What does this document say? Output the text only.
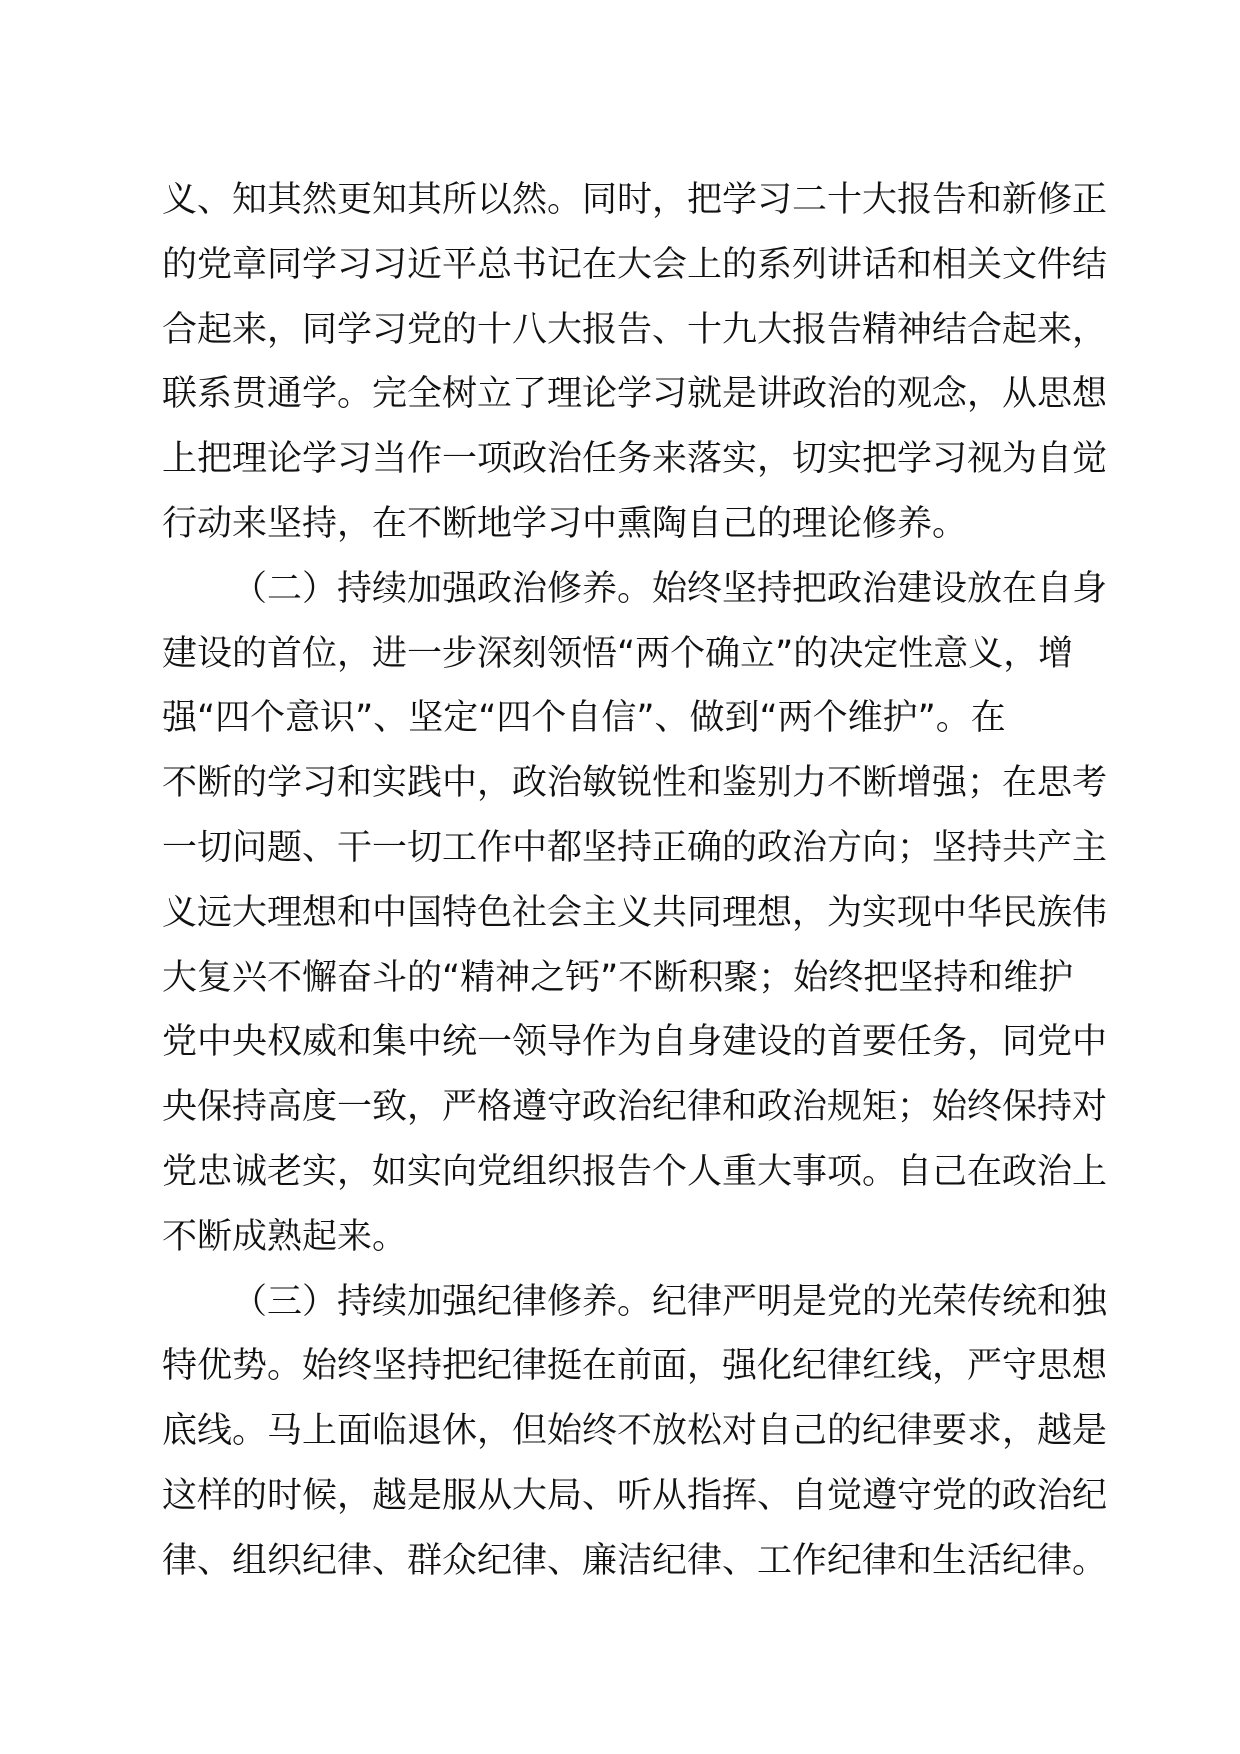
义、知其然更知其所以然。同时，把学习二十大报告和新修正
的党章同学习习近平总书记在大会上的系列讲话和相关文件结
合起来，同学习党的十八大报告、十九大报告精神结合起来，
联系贯通学。完全树立了理论学习就是讲政治的观念，从思想
上把理论学习当作一项政治任务来落实，切实把学习视为自觉
行动来坚持，在不断地学习中熏陶自己的理论修养。
（二）持续加强政治修养。始终坚持把政治建设放在自身
建设的首位，进一步深刻领悟“两个确立”的决定性意义，增
强“四个意识”、坚定“四个自信”、做到“两个维护”。在
不断的学习和实践中，政治敏锐性和鉴别力不断增强；在思考
一切问题、干一切工作中都坚持正确的政治方向；坚持共产主
义远大理想和中国特色社会主义共同理想，为实现中华民族伟
大复兴不懈奋斗的“精神之钙”不断积聚；始终把坚持和维护
党中央权威和集中统一领导作为自身建设的首要任务，同党中
央保持高度一致，严格遵守政治纪律和政治规矩；始终保持对
党忠诚老实，如实向党组织报告个人重大事项。自己在政治上
不断成熟起来。
（三）持续加强纪律修养。纪律严明是党的光荣传统和独
特优势。始终坚持把纪律挺在前面，强化纪律红线，严守思想
底线。马上面临退休，但始终不放松对自己的纪律要求，越是
这样的时候，越是服从大局、听从指挥、自觉遵守党的政治纪
律、组织纪律、群众纪律、廉洁纪律、工作纪律和生活纪律。
